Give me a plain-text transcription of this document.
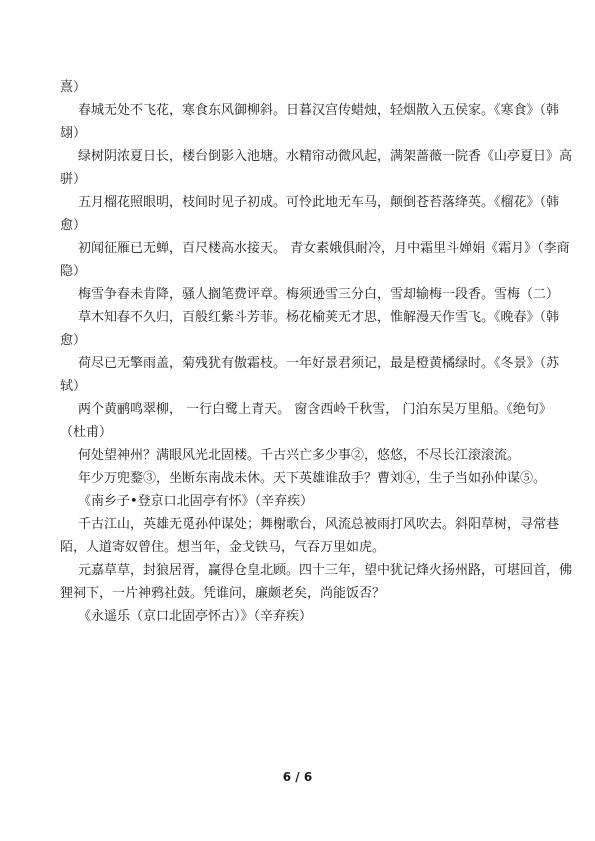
熹）
春城无处不飞花，寒食东风御柳斜。日暮汉宫传蜡烛，轻烟散入五侯家。《寒食》（韩
翃）
绿树阴浓夏日长，楼台倒影入池塘。水精帘动微风起，满架蔷薇一院香《山亭夏日》高
骈）
五月榴花照眼明，枝间时见子初成。可怜此地无车马，颠倒苍苔落绛英。《榴花》（韩
愈）
初闻征雁已无蝉，百尺楼高水接天。 青女素娥俱耐冷，月中霜里斗婵娟《霜月》（李商
隐）
梅雪争春未肯降，骚人搁笔费评章。梅须逊雪三分白，雪却输梅一段香。雪梅（二）
草木知春不久归，百般红紫斗芳菲。杨花榆荚无才思，惟解漫天作雪飞。《晚春》（韩
愈）
荷尽已无擎雨盖，菊残犹有傲霜枝。一年好景君须记，最是橙黄橘绿时。《冬景》（苏
轼）
两个黄鹂鸣翠柳， 一行白鹭上青天。 窗含西岭千秋雪， 门泊东吴万里船。《绝句》
（杜甫）
何处望神州？满眼风光北固楼。千古兴亡多少事②，悠悠，不尽长江滚滚流。
年少万兜鍪③，坐断东南战未休。天下英雄谁敌手？曹刘④，生子当如孙仲谋⑤。
《南乡子•登京口北固亭有怀》（辛弃疾）
千古江山，英雄无觅孙仲谋处；舞榭歌台，风流总被雨打风吹去。斜阳草树，寻常巷
陌，人道寄奴曾住。想当年，金戈铁马，气吞万里如虎。
元嘉草草，封狼居胥，赢得仓皇北顾。四十三年，望中犹记烽火扬州路，可堪回首，佛
狸祠下，一片神鸦社鼓。凭谁问，廉颇老矣，尚能饭否？
《永遥乐（京口北固亭怀古）》（辛弃疾）
6 / 6
